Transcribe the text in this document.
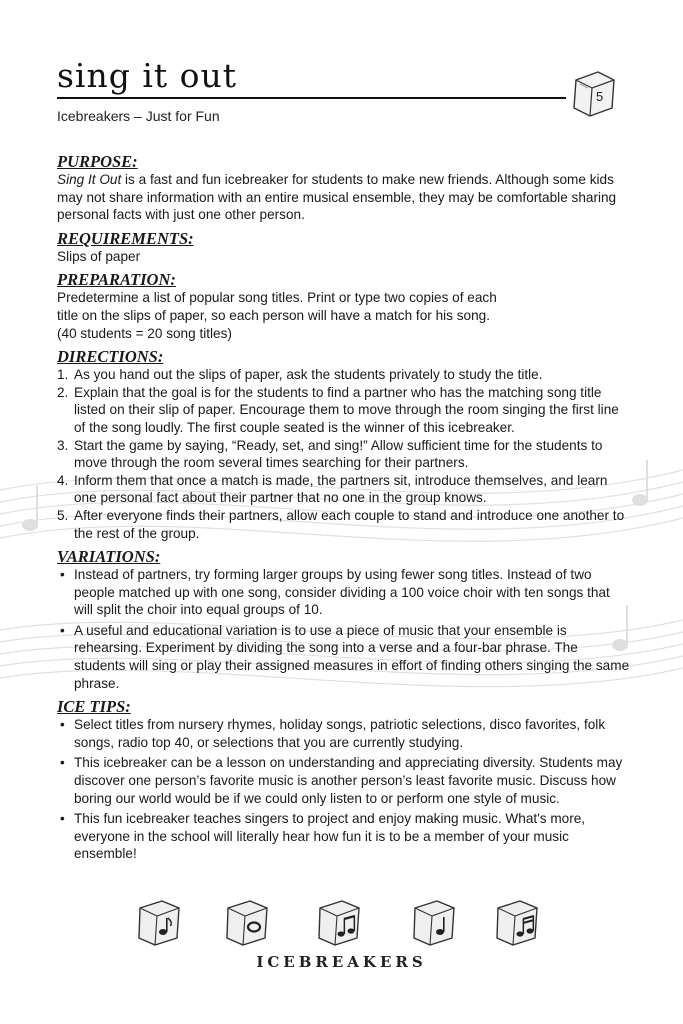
sing it out
Icebreakers – Just for Fun
5
PURPOSE:

Sing It Out is a fast and fun icebreaker for students to make new friends. Although some kids may not share information with an entire musical ensemble, they may be comfortable sharing personal facts with just one other person.

REQUIREMENTS:

Slips of paper

PREPARATION:
Predetermine a list of popular song titles. Print or type two copies of each
title on the slips of paper, so each person will have a match for his song.
(40 students = 20 song titles)
DIRECTIONS:
1. As you hand out the slips of paper, ask the students privately to study the title.
2. Explain that the goal is for the students to find a partner who has the matching song title listed on their slip of paper. Encourage them to move through the room singing the first line of the song loudly. The first couple seated is the winner of this icebreaker.
3. Start the game by saying, “Ready, set, and sing!” Allow sufficient time for the students to move through the room several times searching for their partners.
4. Inform them that once a match is made, the partners sit, introduce themselves, and learn one personal fact about their partner that no one in the group knows.
5. After everyone finds their partners, allow each couple to stand and introduce one another to the rest of the group.
VARIATIONS:
• Instead of partners, try forming larger groups by using fewer song titles. Instead of two people matched up with one song, consider dividing a 100 voice choir with ten songs that will split the choir into equal groups of 10.
• A useful and educational variation is to use a piece of music that your ensemble is rehearsing. Experiment by dividing the song into a verse and a four-bar phrase. The students will sing or play their assigned measures in effort of finding others singing the same phrase.
ICE TIPS:
• Select titles from nursery rhymes, holiday songs, patriotic selections, disco favorites, folk songs, radio top 40, or selections that you are currently studying.
• This icebreaker can be a lesson on understanding and appreciating diversity. Students may discover one person’s favorite music is another person’s least favorite music. Discuss how boring our world would be if we could only listen to or perform one style of music.
• This fun icebreaker teaches singers to project and enjoy making music. What's more, everyone in the school will literally hear how fun it is to be a member of your music ensemble!
ICEBREAKERS
